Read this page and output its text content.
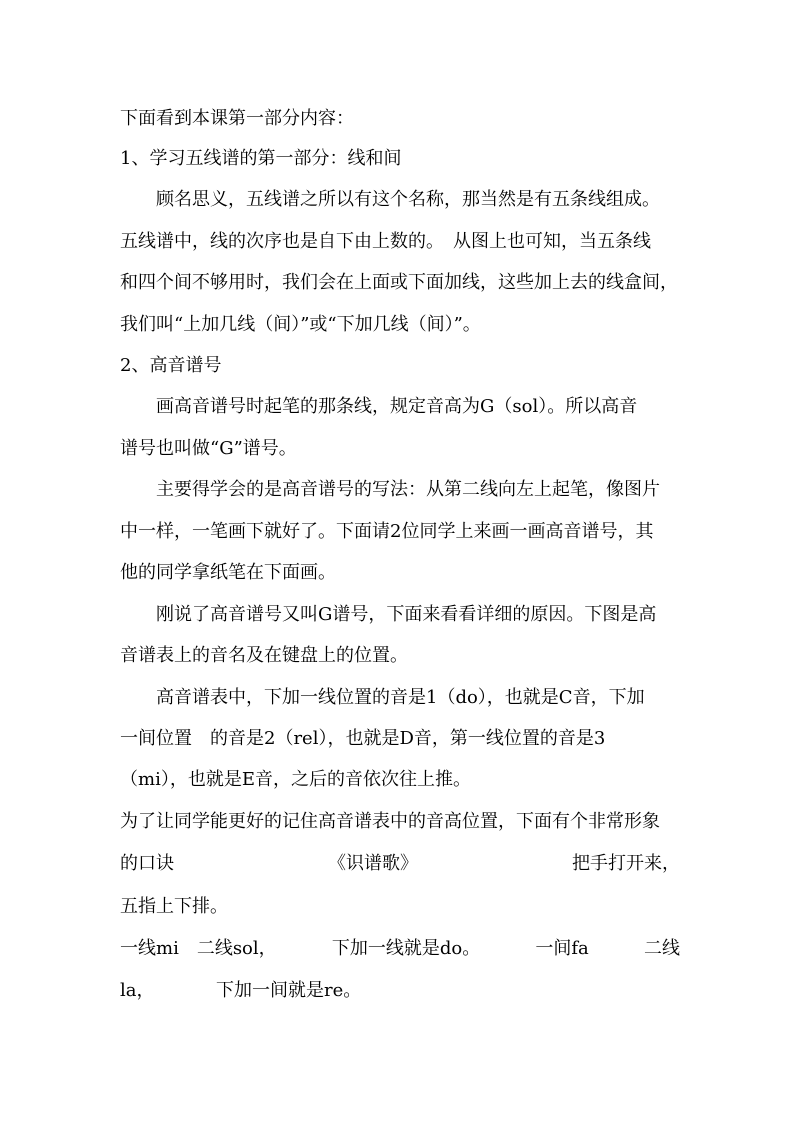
下面看到本课第一部分内容：
1、学习五线谱的第一部分：线和间
顾名思义，五线谱之所以有这个名称，那当然是有五条线组成。
五线谱中，线的次序也是自下由上数的。　从图上也可知，当五条线
和四个间不够用时，我们会在上面或下面加线，这些加上去的线盒间，
我们叫“上加几线（间）”或“下加几线（间）”。
2、高音谱号
画高音谱号时起笔的那条线，规定音高为G（sol）。所以高音
谱号也叫做“G”谱号。
主要得学会的是高音谱号的写法：从第二线向左上起笔，像图片
中一样，一笔画下就好了。下面请2位同学上来画一画高音谱号，其
他的同学拿纸笔在下面画。
刚说了高音谱号又叫G谱号，下面来看看详细的原因。下图是高
音谱表上的音名及在键盘上的位置。
高音谱表中，下加一线位置的音是1（do），也就是C音，下加
一间位置　的音是2（rel），也就是D音，第一线位置的音是3
（mi），也就是E音，之后的音依次往上推。
为了让同学能更好的记住高音谱表中的音高位置，下面有个非常形象
的口诀	《识谱歌》	把手打开来，
五指上下排。
一线mi　二线sol，	下加一线就是do。	一间fa	二线
la，	下加一间就是re。
